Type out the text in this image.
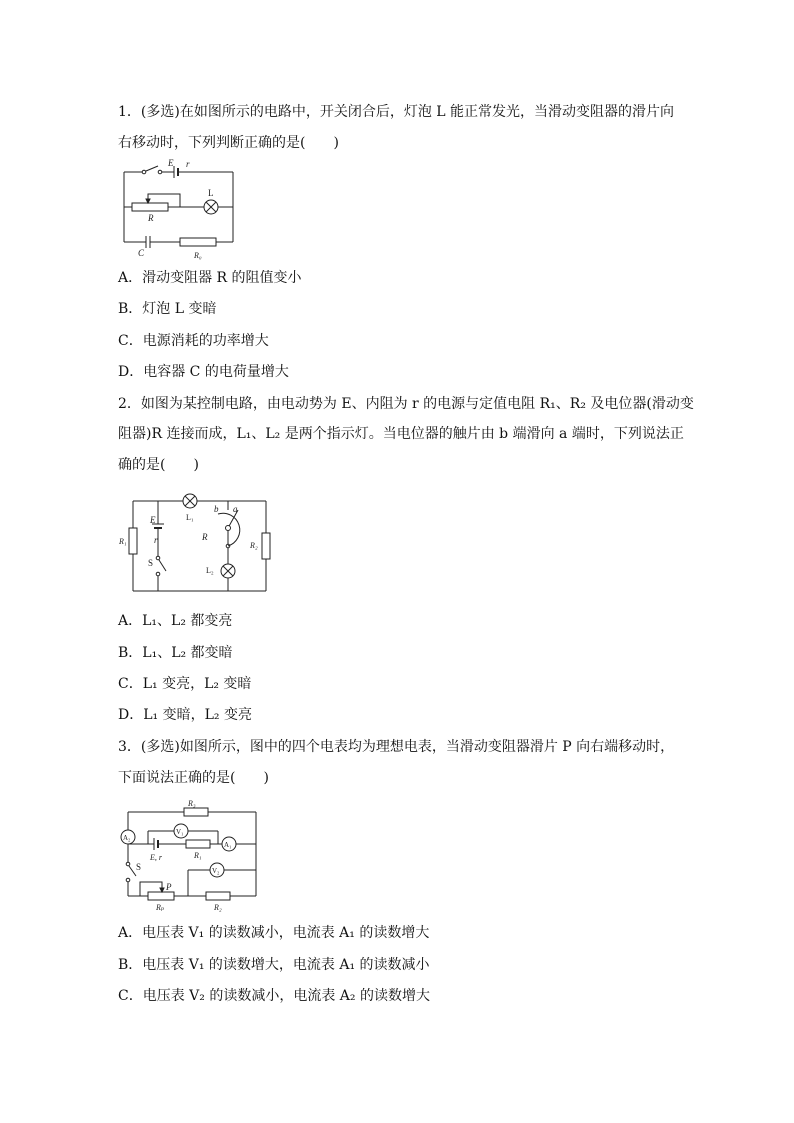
1．(多选)在如图所示的电路中，开关闭合后，灯泡 L 能正常发光，当滑动变阻器的滑片向
右移动时，下列判断正确的是(　　)
E r
L
R
C	R₀
A．滑动变阻器 R 的阻值变小
B．灯泡 L 变暗
C．电源消耗的功率增大
D．电容器 C 的电荷量增大
2．如图为某控制电路，由电动势为 E、内阻为 r 的电源与定值电阻 R₁、R₂ 及电位器(滑动变
阻器)R 连接而成，L₁、L₂ 是两个指示灯。当电位器的触片由 b 端滑向 a 端时，下列说法正
确的是(　　)
L₁
E
r
R₁	R₂
a
b
R
S
L₂
A．L₁、L₂ 都变亮
B．L₁、L₂ 都变暗
C．L₁ 变亮，L₂ 变暗
D．L₁ 变暗，L₂ 变亮
3．(多选)如图所示，图中的四个电表均为理想电表，当滑动变阻器滑片 P 向右端移动时，
下面说法正确的是(　　)
R₃
A₂
V₁
A₁
E, r	R₁
S
P
V₂
Rₚ	R₂
A．电压表 V₁ 的读数减小，电流表 A₁ 的读数增大
B．电压表 V₁ 的读数增大，电流表 A₁ 的读数减小
C．电压表 V₂ 的读数减小，电流表 A₂ 的读数增大
